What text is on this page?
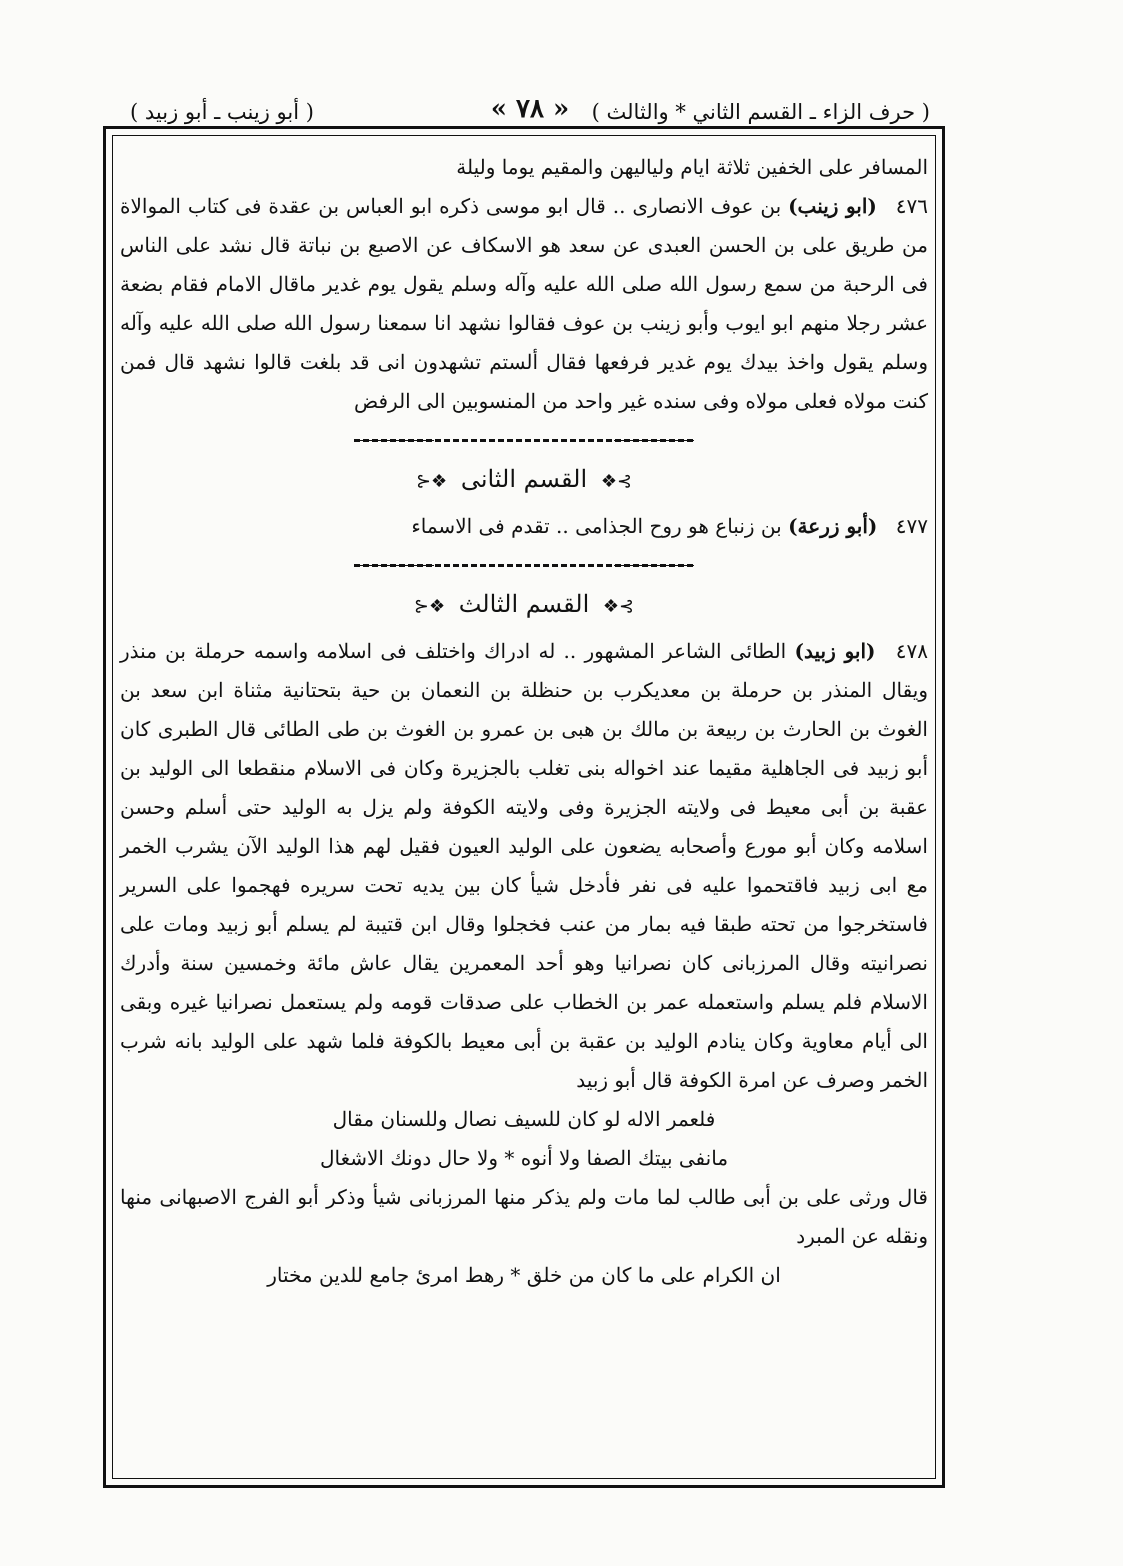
( حرف الزاء ـ القسم الثاني * والثالث )
« ٧٨ »
( أبو زينب ـ أبو زبيد )

المسافر على الخفين ثلاثة ايام ولياليهن والمقيم يوما وليلة

٤٧٦ (ابو زينب) بن عوف الانصارى .. قال ابو موسى ذكره ابو العباس بن عقدة فى كتاب الموالاة من طريق على بن الحسن العبدى عن سعد هو الاسكاف عن الاصبع بن نباتة قال نشد على الناس فى الرحبة من سمع رسول الله صلى الله عليه وآله وسلم يقول يوم غدير ماقال الامام فقام بضعة عشر رجلا منهم ابو ايوب وأبو زينب بن عوف فقالوا نشهد انا سمعنا رسول الله صلى الله عليه وآله وسلم يقول واخذ بيدك يوم غدير فرفعها فقال ألستم تشهدون انى قد بلغت قالوا نشهد قال فمن كنت مولاه فعلى مولاه وفى سنده غير واحد من المنسوبين الى الرفض

⊱❖ القسم الثانى ❖⊰

٤٧٧ (أبو زرعة) بن زنباع هو روح الجذامى .. تقدم فى الاسماء

⊱❖ القسم الثالث ❖⊰

٤٧٨ (ابو زبيد) الطائى الشاعر المشهور .. له ادراك واختلف فى اسلامه واسمه حرملة بن منذر ويقال المنذر بن حرملة بن معديكرب بن حنظلة بن النعمان بن حية بتحتانية مثناة ابن سعد بن الغوث بن الحارث بن ربيعة بن مالك بن هبى بن عمرو بن الغوث بن طى الطائى قال الطبرى كان أبو زبيد فى الجاهلية مقيما عند اخواله بنى تغلب بالجزيرة وكان فى الاسلام منقطعا الى الوليد بن عقبة بن أبى معيط فى ولايته الجزيرة وفى ولايته الكوفة ولم يزل به الوليد حتى أسلم وحسن اسلامه وكان أبو مورع وأصحابه يضعون على الوليد العيون فقيل لهم هذا الوليد الآن يشرب الخمر مع ابى زبيد فاقتحموا عليه فى نفر فأدخل شيأ كان بين يديه تحت سريره فهجموا على السرير فاستخرجوا من تحته طبقا فيه بمار من عنب فخجلوا وقال ابن قتيبة لم يسلم أبو زبيد ومات على نصرانيته وقال المرزبانى كان نصرانيا وهو أحد المعمرين يقال عاش مائة وخمسين سنة وأدرك الاسلام فلم يسلم واستعمله عمر بن الخطاب على صدقات قومه ولم يستعمل نصرانيا غيره وبقى الى أيام معاوية وكان ينادم الوليد بن عقبة بن أبى معيط بالكوفة فلما شهد على الوليد بانه شرب الخمر وصرف عن امرة الكوفة قال أبو زبيد

فلعمر الاله لو كان للسيف نصال وللسنان مقال

مانفى بيتك الصفا ولا أنوه * ولا حال دونك الاشغال

قال ورثى على بن أبى طالب لما مات ولم يذكر منها المرزبانى شيأ وذكر أبو الفرج الاصبهانى منها ونقله عن المبرد

ان الكرام على ما كان من خلق * رهط امرئ جامع للدين مختار
